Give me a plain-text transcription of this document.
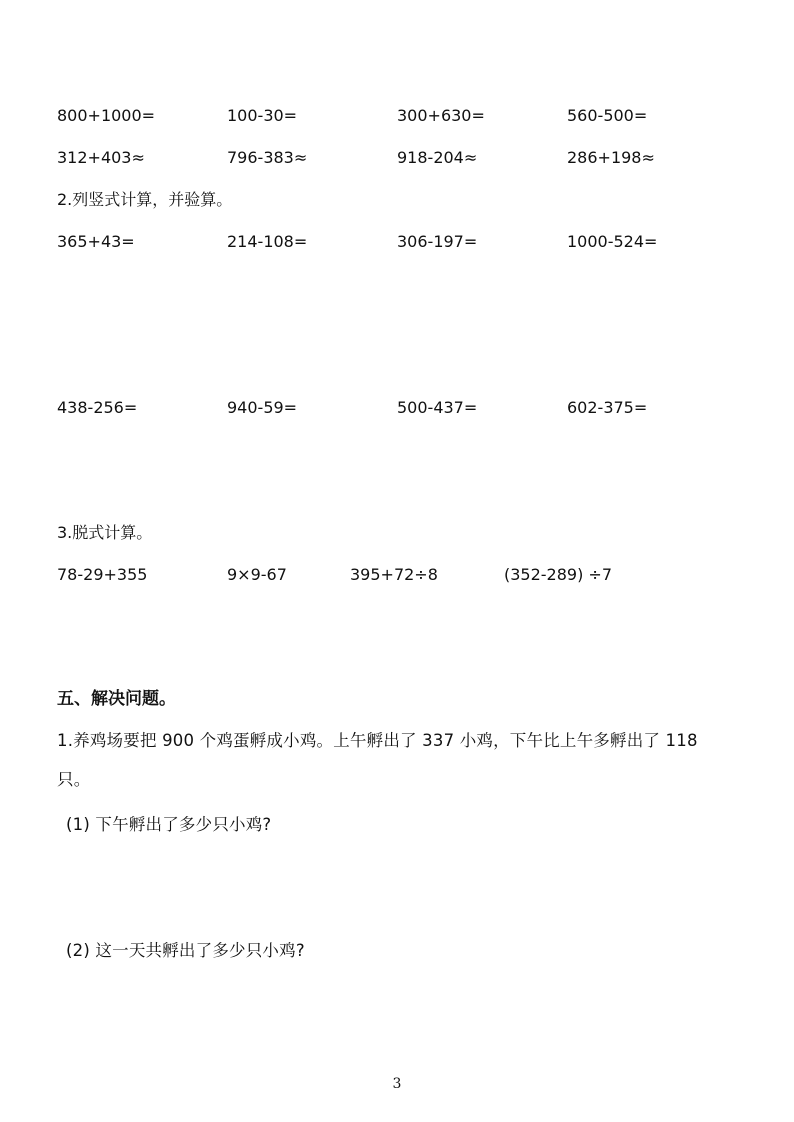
800+1000=	100-30=	300+630=	560-500=
312+403≈	796-383≈	918-204≈	286+198≈
2.列竖式计算，并验算。
365+43=	214-108=	306-197=	1000-524=
438-256=	940-59=	500-437=	602-375=
3.脱式计算。
78-29+355	9×9-67	395+72÷8	(352-289) ÷7
五、解决问题。
1.养鸡场要把 900 个鸡蛋孵成小鸡。上午孵出了 337 小鸡，下午比上午多孵出了 118
只。
(1) 下午孵出了多少只小鸡?
(2) 这一天共孵出了多少只小鸡?
3
